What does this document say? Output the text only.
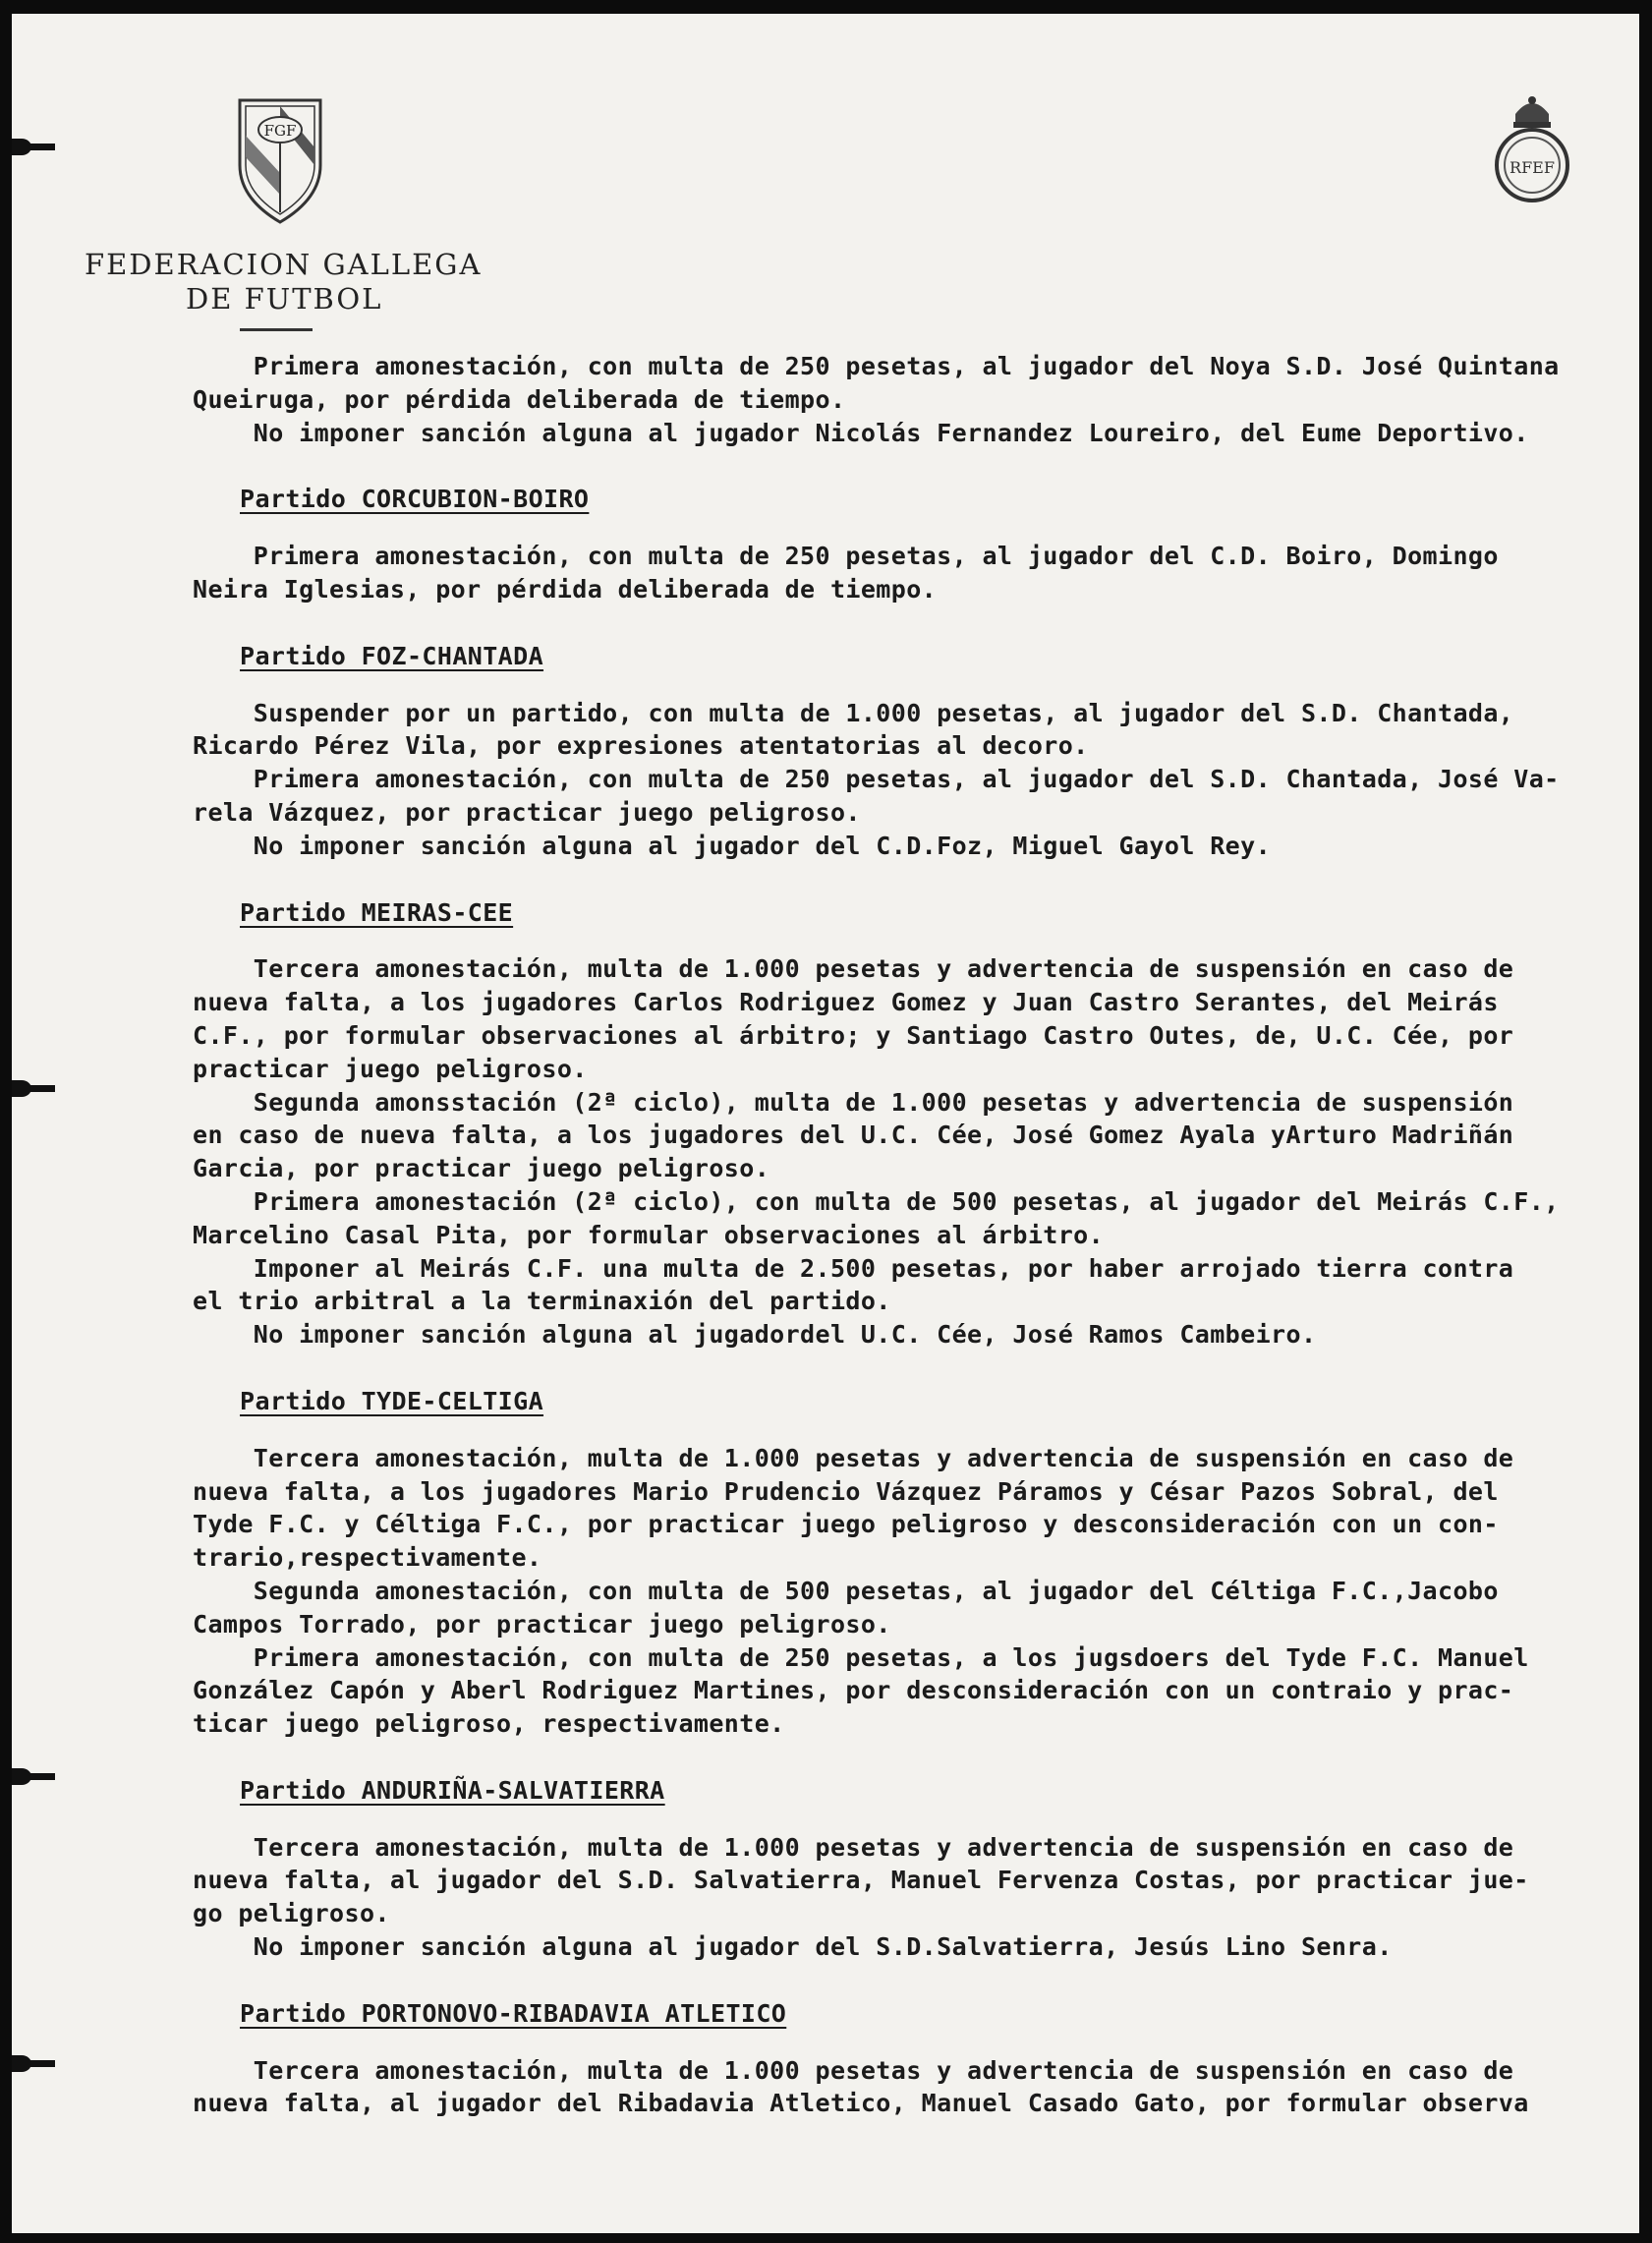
FGF
FEDERACION GALLEGA
DE FUTBOL
RFEF

Primera amonestación, con multa de 250 pesetas, al jugador del Noya S.D. José Quintana

Queiruga, por pérdida deliberada de tiempo.

No imponer sanción alguna al jugador Nicolás Fernandez Loureiro, del Eume Deportivo.

Partido CORCUBION-BOIRO

Primera amonestación, con multa de 250 pesetas, al jugador del C.D. Boiro, Domingo

Neira Iglesias, por pérdida deliberada de tiempo.

Partido FOZ-CHANTADA

Suspender por un partido, con multa de 1.000 pesetas, al jugador del S.D. Chantada,

Ricardo Pérez Vila, por expresiones atentatorias al decoro.

Primera amonestación, con multa de 250 pesetas, al jugador del S.D. Chantada, José Va-

rela Vázquez, por practicar juego peligroso.

No imponer sanción alguna al jugador del C.D.Foz, Miguel Gayol Rey.

Partido MEIRAS-CEE

Tercera amonestación, multa de 1.000 pesetas y advertencia de suspensión en caso de

nueva falta, a los jugadores Carlos Rodriguez Gomez y Juan Castro Serantes, del Meirás

C.F., por formular observaciones al árbitro; y Santiago Castro Outes, de, U.C. Cée, por

practicar juego peligroso.

Segunda amonsstación (2ª ciclo), multa de 1.000 pesetas y advertencia de suspensión

en caso de nueva falta, a los jugadores del U.C. Cée, José Gomez Ayala yArturo Madriñán

Garcia, por practicar juego peligroso.

Primera amonestación (2ª ciclo), con multa de 500 pesetas, al jugador del Meirás C.F.,

Marcelino Casal Pita, por formular observaciones al árbitro.

Imponer al Meirás C.F. una multa de 2.500 pesetas, por haber arrojado tierra contra

el trio arbitral a la terminaxión del partido.

No imponer sanción alguna al jugadordel U.C. Cée, José Ramos Cambeiro.

Partido TYDE-CELTIGA

Tercera amonestación, multa de 1.000 pesetas y advertencia de suspensión en caso de

nueva falta, a los jugadores Mario Prudencio Vázquez Páramos y César Pazos Sobral, del

Tyde F.C. y Céltiga F.C., por practicar juego peligroso y desconsideración con un con-

trario,respectivamente.

Segunda amonestación, con multa de 500 pesetas, al jugador del Céltiga F.C.,Jacobo

Campos Torrado, por practicar juego peligroso.

Primera amonestación, con multa de 250 pesetas, a los jugsdoers del Tyde F.C. Manuel

González Capón y Aberl Rodriguez Martines, por desconsideración con un contraio y prac-

ticar juego peligroso, respectivamente.

Partido ANDURIÑA-SALVATIERRA

Tercera amonestación, multa de 1.000 pesetas y advertencia de suspensión en caso de

nueva falta, al jugador del S.D. Salvatierra, Manuel Fervenza Costas, por practicar jue-

go peligroso.

No imponer sanción alguna al jugador del S.D.Salvatierra, Jesús Lino Senra.

Partido PORTONOVO-RIBADAVIA ATLETICO

Tercera amonestación, multa de 1.000 pesetas y advertencia de suspensión en caso de

nueva falta, al jugador del Ribadavia Atletico, Manuel Casado Gato, por formular observa
